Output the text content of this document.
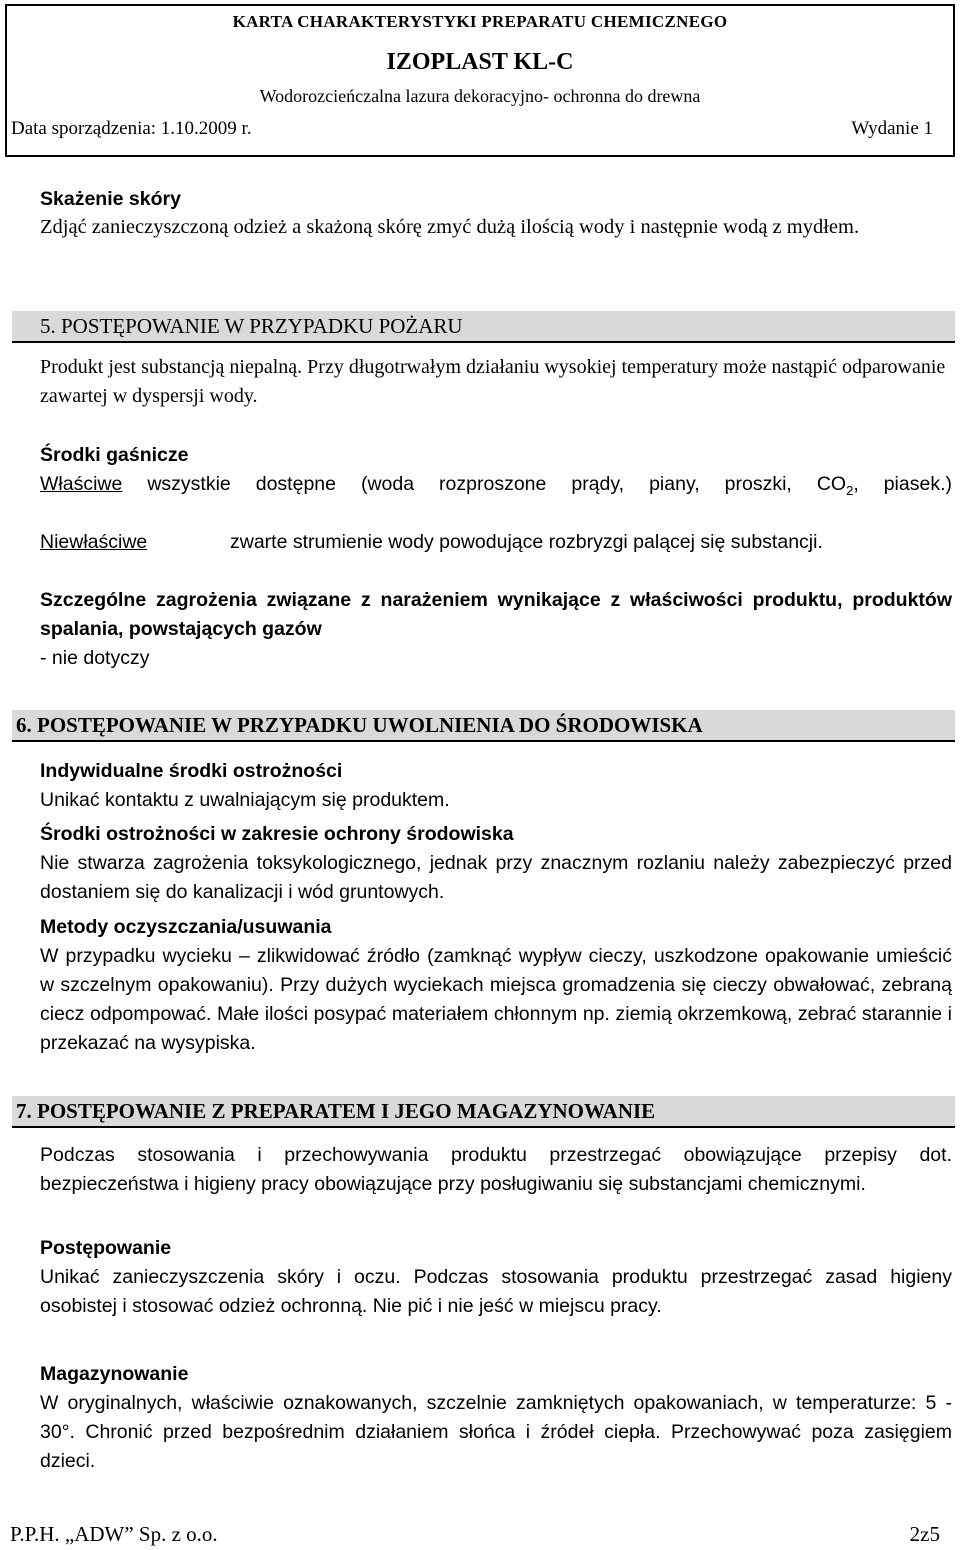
KARTA CHARAKTERYSTYKI PREPARATU CHEMICZNEGO
IZOPLAST KL-C
Wodorozcieńczalna lazura dekoracyjno- ochronna do drewna
Data sporządzenia: 1.10.2009 r.	Wydanie 1
Skażenie skóry
Zdjąć zanieczyszczoną odzież a skażoną skórę zmyć dużą ilością wody i następnie wodą z mydłem.
5. POSTĘPOWANIE W PRZYPADKU POŻARU
Produkt jest substancją niepalną. Przy długotrwałym działaniu wysokiej temperatury może nastąpić odparowanie zawartej w dyspersji wody.
Środki gaśnicze
Właściwe wszystkie dostępne (woda rozproszone prądy, piany, proszki, $CO_2$, piasek.)
Niewłaściwe	zwarte strumienie wody powodujące rozbryzgi palącej się substancji.
Szczególne zagrożenia związane z narażeniem wynikające z właściwości produktu, produktów spalania, powstających gazów
- nie dotyczy
6. POSTĘPOWANIE W PRZYPADKU UWOLNIENIA DO ŚRODOWISKA
Indywidualne środki ostrożności
Unikać kontaktu z uwalniającym się produktem.
Środki ostrożności w zakresie ochrony środowiska
Nie stwarza zagrożenia toksykologicznego, jednak przy znacznym rozlaniu należy zabezpieczyć przed dostaniem się do kanalizacji i wód gruntowych.
Metody oczyszczania/usuwania
W przypadku wycieku – zlikwidować źródło (zamknąć wypływ cieczy, uszkodzone opakowanie umieścić w szczelnym opakowaniu). Przy dużych wyciekach miejsca gromadzenia się cieczy obwałować, zebraną ciecz odpompować. Małe ilości posypać materiałem chłonnym np. ziemią okrzemkową, zebrać starannie i przekazać na wysypiska.
7. POSTĘPOWANIE Z PREPARATEM I JEGO MAGAZYNOWANIE
Podczas stosowania i przechowywania produktu przestrzegać obowiązujące przepisy dot. bezpieczeństwa i higieny pracy obowiązujące przy posługiwaniu się substancjami chemicznymi.
Postępowanie
Unikać zanieczyszczenia skóry i oczu. Podczas stosowania produktu przestrzegać zasad higieny osobistej i stosować odzież ochronną. Nie pić i nie jeść w miejscu pracy.
Magazynowanie
W oryginalnych, właściwie oznakowanych, szczelnie zamkniętych opakowaniach, w temperaturze: 5 - 30°. Chronić przed bezpośrednim działaniem słońca i źródeł ciepła. Przechowywać poza zasięgiem dzieci.
P.P.H. „ADW” Sp. z o.o.	2z5
